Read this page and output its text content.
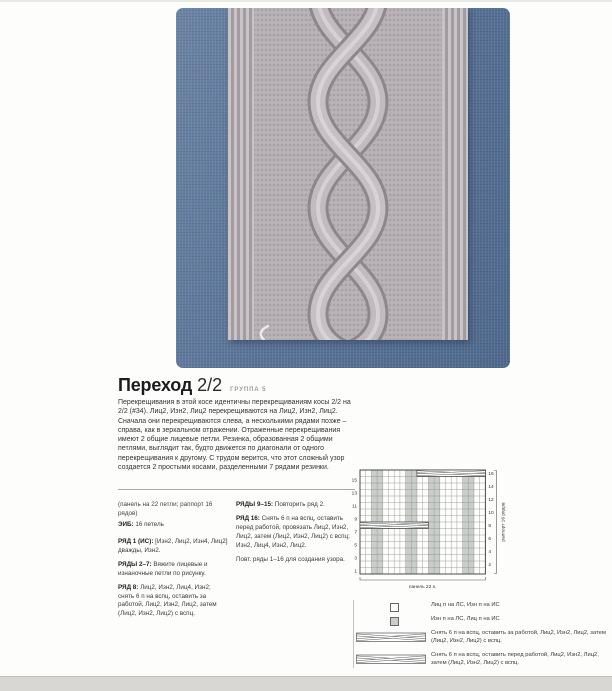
Переход 2/2 ГРУППА 5

Перекрещивания в этой косе идентичны перекрещиваниям косы 2/2 на 2/2 (#34). Лиц2, Изн2, Лиц2 перекрещиваются на Лиц2, Изн2, Лиц2. Сначала они перекрещиваются слева, а несколькими рядами позже – справа, как в зеркальном отражении. Отраженные перекрещивания имеют 2 общие лицевые петли. Резинка, образованная 2 общими петлями, выглядит так, будто движется по диагонали от одного перекрещивания к другому. С трудом верится, что этот сложный узор создается 2 простыми косами, разделенными 7 рядами резинки.

(панель на 22 петли; раппорт 16 рядов)
ЭИБ: 16 петель
РЯД 1 (ИС): [Изн2, Лиц2, Изн4, Лиц2] дважды, Изн2.
РЯДЫ 2–7: Вяжите лицевые и изнаночные петли по рисунку.
РЯД 8: Лиц2, Изн2, Лиц4, Изн2; снять 6 п на вспц, оставить за работой, Лиц2, Изн2, Лиц2, затем (Лиц2, Изн2, Лиц2) с вспц.
РЯДЫ 9–15: Повторить ряд 2.
РЯД 16: Снять 6 п на вспц, оставить перед работой, провязать Лиц2, Изн2, Лиц2, затем (Лиц2, Изн2, Лиц2) с вспц; Изн2, Лиц4, Изн2, Лиц2.
Повт. ряды 1–16 для создания узора.
15
13
11
9
7
5
3
1
16
14
12
10
8
6
4
2
панель 22 п.
раппорт 16 рядов
Лиц п на ЛС, Изн п на ИС
Изн п на ЛС, Лиц п на ИС
Снять 6 п на вспц, оставить за работой, Лиц2, Изн2, Лиц2, затем (Лиц2, Изн2, Лиц2) с вспц.
Снять 6 п на вспц, оставить перед работой, Лиц2, Изн2, Лиц2, затем (Лиц2, Изн2, Лиц2) с вспц.
